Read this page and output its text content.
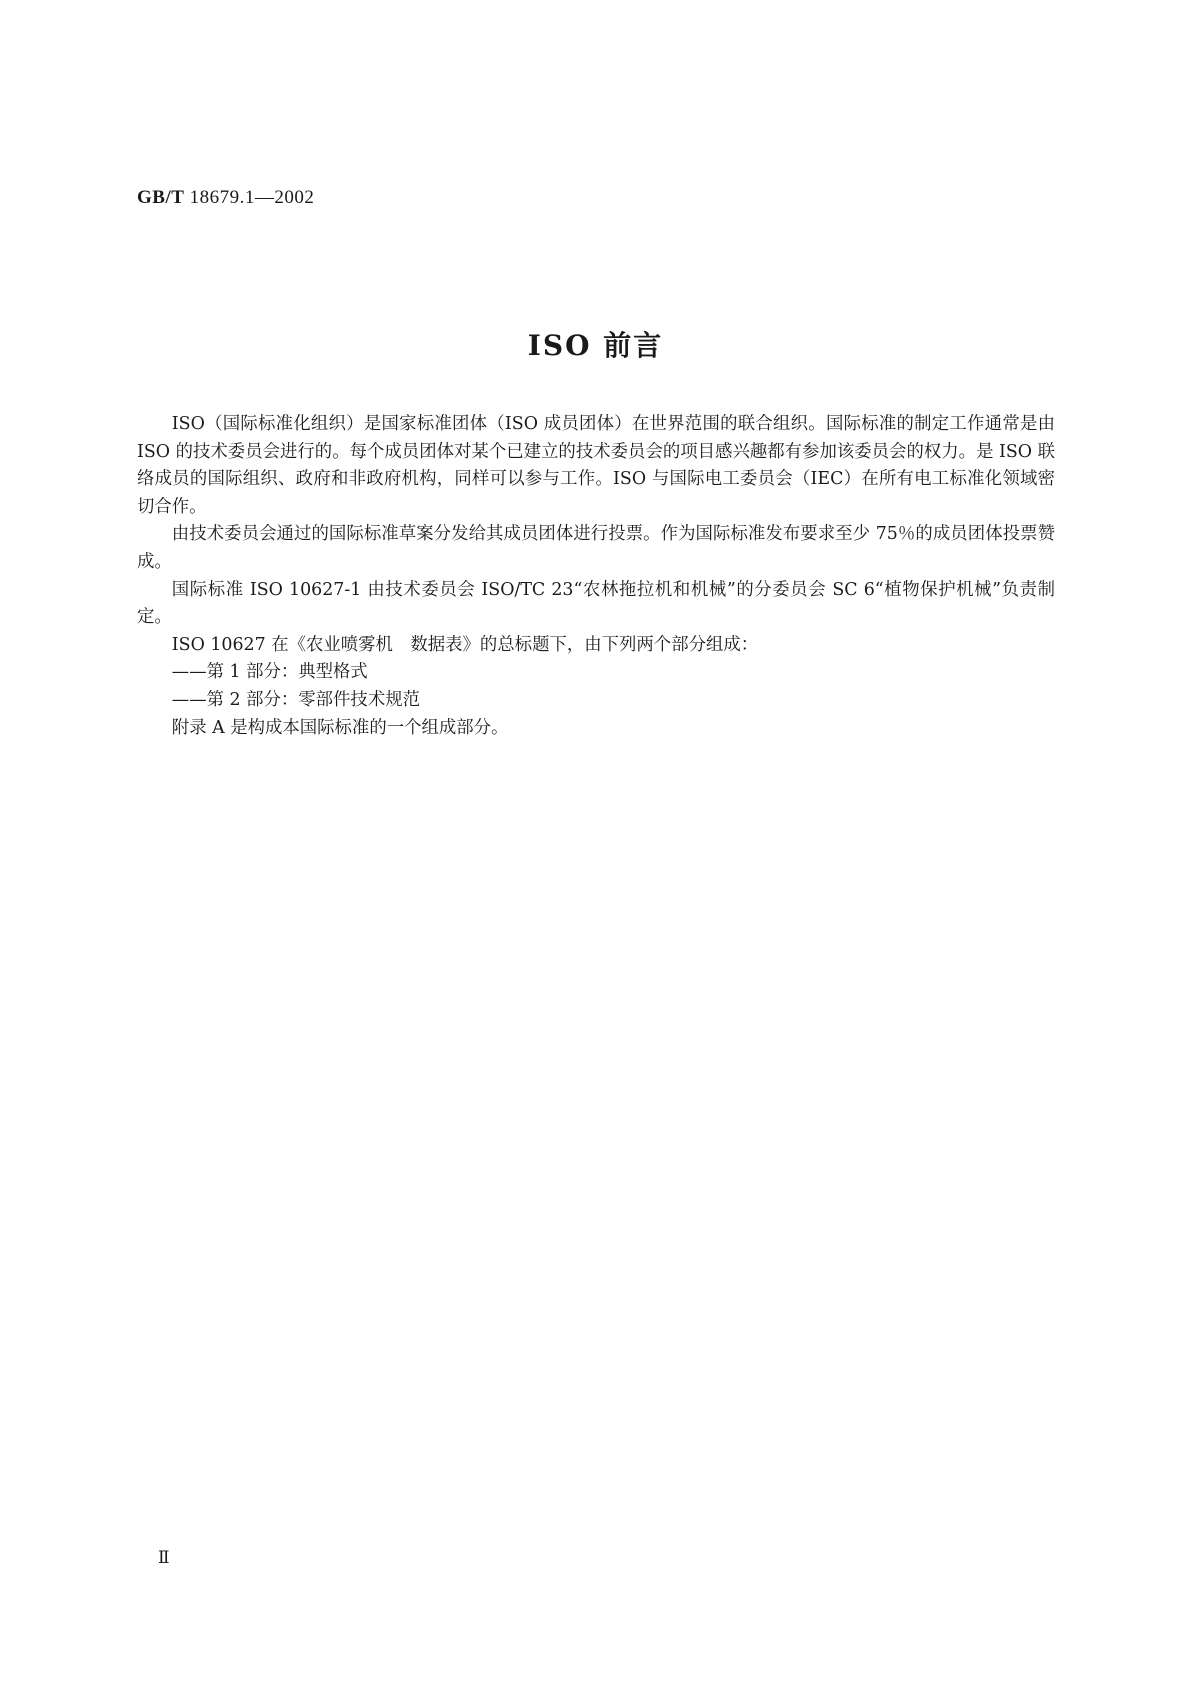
GB/T 18679.1—2002
ISO 前言

ISO（国际标准化组织）是国家标准团体（ISO 成员团体）在世界范围的联合组织。国际标准的制定工作通常是由 ISO 的技术委员会进行的。每个成员团体对某个已建立的技术委员会的项目感兴趣都有参加该委员会的权力。是 ISO 联络成员的国际组织、政府和非政府机构，同样可以参与工作。ISO 与国际电工委员会（IEC）在所有电工标准化领域密切合作。

由技术委员会通过的国际标准草案分发给其成员团体进行投票。作为国际标准发布要求至少 75％的成员团体投票赞成。

国际标准 ISO 10627-1 由技术委员会 ISO/TC 23“农林拖拉机和机械”的分委员会 SC 6“植物保护机械”负责制定。

ISO 10627 在《农业喷雾机　数据表》的总标题下，由下列两个部分组成：

——第 1 部分：典型格式

——第 2 部分：零部件技术规范

附录 A 是构成本国际标准的一个组成部分。

Ⅱ
